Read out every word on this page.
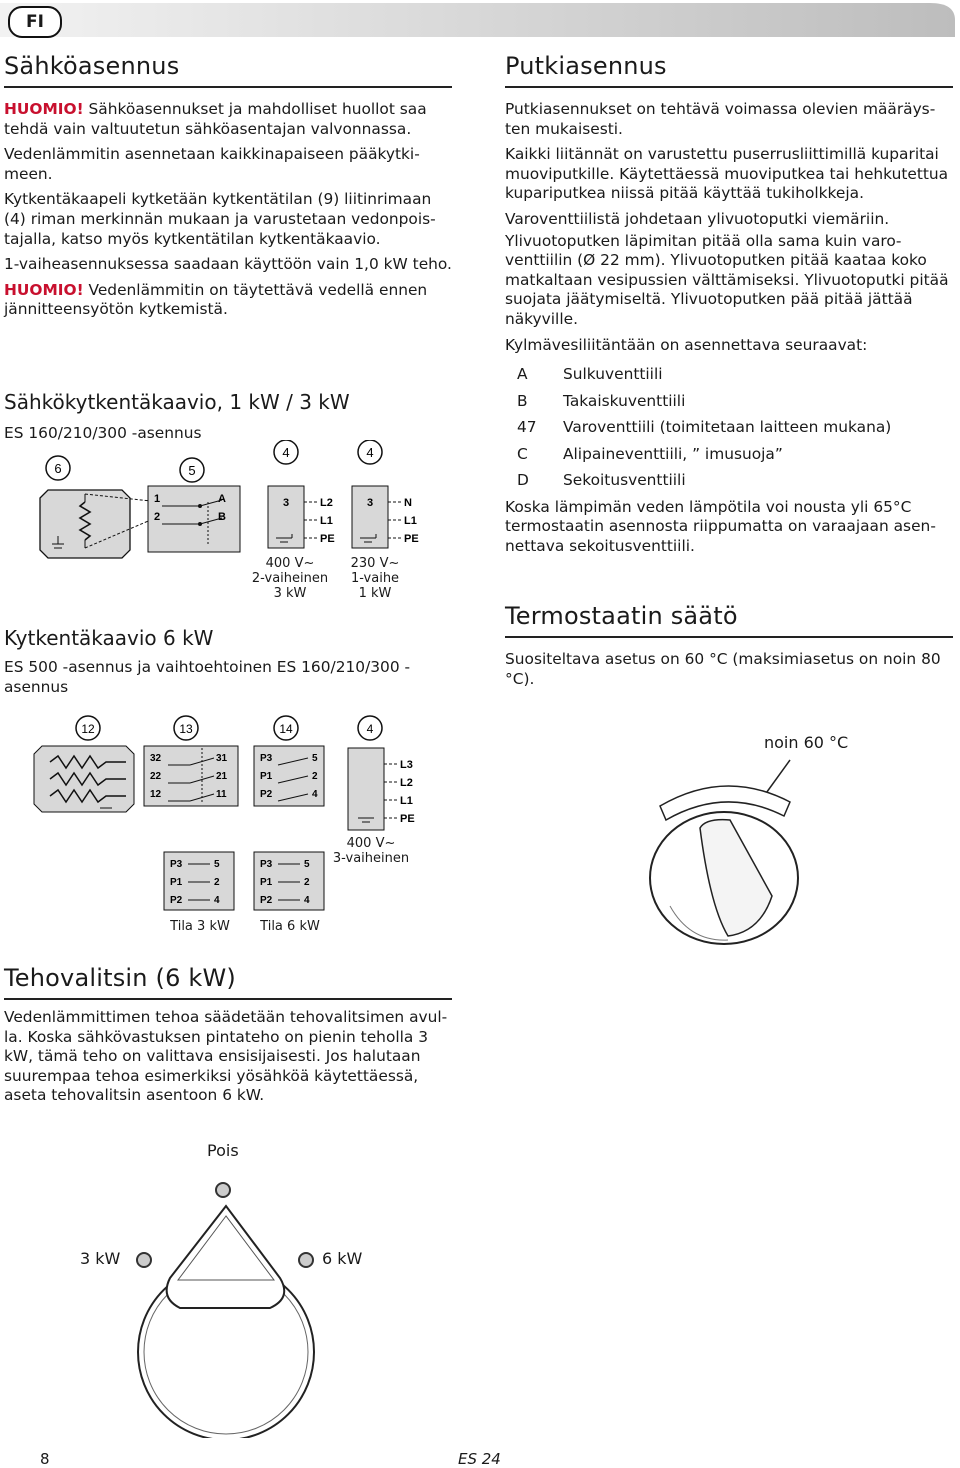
FI
Sähköasennus

HUOMIO! Sähköasennukset ja mahdolliset huollot saa tehdä vain valtuutetun sähköasentajan valvonnassa.

Vedenlämmitin asennetaan kaikkinapaiseen pääkytkimeen.

Kytkentäkaapeli kytketään kytkentätilan (9) liitinrimaan (4) riman merkinnän mukaan ja varustetaan vedonpoistajalla, katso myös kytkentätilan kytkentäkaavio.

1-vaiheasennuksessa saadaan käyttöön vain 1,0 kW teho.

HUOMIO! Vedenlämmitin on täytettävä vedellä ennen jännitteensyötön kytkemistä.

Sähkökytkentäkaavio, 1 kW / 3 kW

ES 160/210/300 -asennus

6	5
1
2
A
B
4
3	L2
L1
PE
4
3	N
L1
PE
400 V~
2-vaiheinen
3 kW
230 V~
1-vaihe
1 kW
Kytkentäkaavio 6 kW

ES 500 -asennus ja vaihtoehtoinen ES 160/210/300 -asennus

12	13	14	4
32	31
22	21
12	11
P3
P1
P2
5
2
4
L3
L2
L1
PE
P3
P1
P2
5
2
4
P3
P1
P2
5
2
4
400 V~
3-vaiheinen
Tila 3 kW	Tila 6 kW
Tehovalitsin (6 kW)

Vedenlämmittimen tehoa säädetään tehovalitsimen avulla. Koska sähkövastuksen pintateho on pienin teholla 3 kW, tämä teho on valittava ensisijaisesti. Jos halutaan suurempaa tehoa esimerkiksi yösähköä käytettäessä, aseta tehovalitsin asentoon 6 kW.

Pois
3 kW	6 kW
Putkiasennus

Putkiasennukset on tehtävä voimassa olevien määräysten mukaisesti.

Kaikki liitännät on varustettu puserrusliittimillä kuparitai muoviputkille. Käytettäessä muoviputkea tai hehkutettua kupariputkea niissä pitää käyttää tukiholkkeja.

Varoventtiilistä johdetaan ylivuotoputki viemäriin.

Ylivuotoputken läpimitan pitää olla sama kuin varoventtiilin (Ø 22 mm). Ylivuotoputken pitää kaataa koko matkaltaan vesipussien välttämiseksi. Ylivuotoputki pitää suojata jäätymiseltä. Ylivuotoputken pää pitää jättää näkyville.

Kylmävesiliitäntään on asennettava seuraavat:

A	Sulkuventtiili
B	Takaiskuventtiili
47	Varoventtiili (toimitetaan laitteen mukana)
C	Alipaineventtiili, ” imusuoja”
D	Sekoitusventtiili

Koska lämpimän veden lämpötila voi nousta yli 65°C termostaatin asennosta riippumatta on varaajaan asennettava sekoitusventtiili.

Termostaatin säätö

Suositeltava asetus on 60 °C (maksimiasetus on noin 80 °C).

noin 60 °C
8	ES 24
